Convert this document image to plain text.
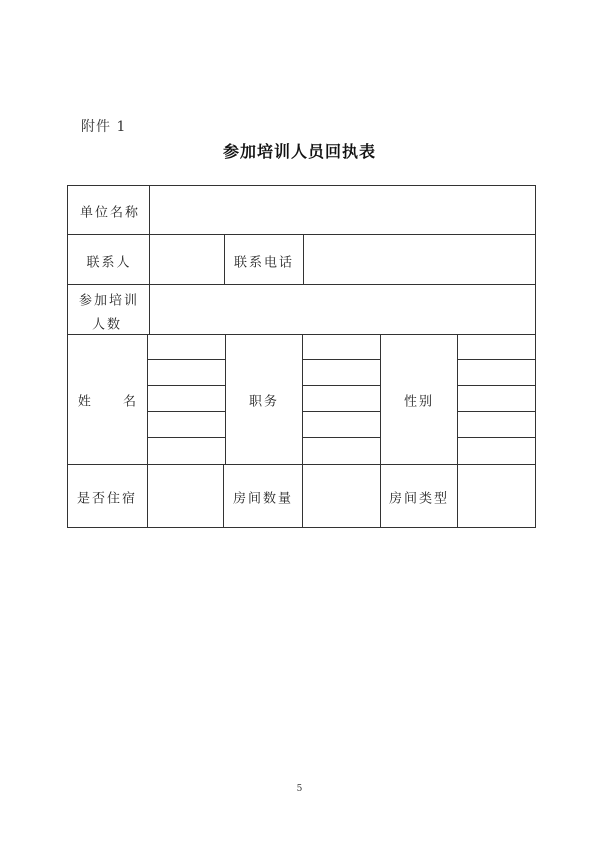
附件 1
参加培训人员回执表
单位名称
联系人	联系电话
参加培训
人数
姓 名	职务	性别
是否住宿	房间数量	房间类型
5
